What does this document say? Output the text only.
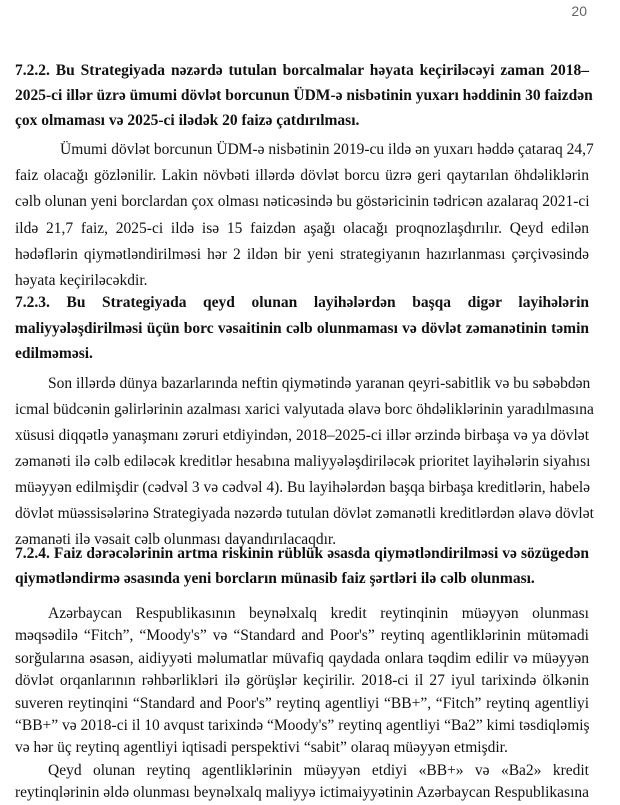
20
7.2.2. Bu Strategiyada nəzərdə tutulan borcalmalar həyata keçiriləcəyi zaman 2018–
2025-ci illər üzrə ümumi dövlət borcunun ÜDM-ə nisbətinin yuxarı həddinin 30 faizdən
çox olmaması və 2025-ci ilədək 20 faizə çatdırılması.
Ümumi dövlət borcunun ÜDM-ə nisbətinin 2019-cu ildə ən yuxarı həddə çataraq 24,7
faiz olacağı gözlənilir. Lakin növbəti illərdə dövlət borcu üzrə geri qaytarılan öhdəliklərin
cəlb olunan yeni borclardan çox olması nəticəsində bu göstəricinin tədricən azalaraq 2021-ci
ildə 21,7 faiz, 2025-ci ildə isə 15 faizdən aşağı olacağı proqnozlaşdırılır. Qeyd edilən
hədəflərin qiymətləndirilməsi hər 2 ildən bir yeni strategiyanın hazırlanması çərçivəsində
həyata keçiriləcəkdir.
7.2.3. Bu Strategiyada qeyd olunan layihələrdən başqa digər layihələrin
maliyyələşdirilməsi üçün borc vəsaitinin cəlb olunmaması və dövlət zəmanətinin təmin
edilməməsi.
Son illərdə dünya bazarlarında neftin qiymətində yaranan qeyri-sabitlik və bu səbəbdən
icmal büdcənin gəlirlərinin azalması xarici valyutada əlavə borc öhdəliklərinin yaradılmasına
xüsusi diqqətlə yanaşmanı zəruri etdiyindən, 2018–2025-ci illər ərzində birbaşa və ya dövlət
zəmanəti ilə cəlb ediləcək kreditlər hesabına maliyyələşdiriləcək prioritet layihələrin siyahısı
müəyyən edilmişdir (cədvəl 3 və cədvəl 4). Bu layihələrdən başqa birbaşa kreditlərin, habelə
dövlət müəssisələrinə Strategiyada nəzərdə tutulan dövlət zəmanətli kreditlərdən əlavə dövlət
zəmanəti ilə vəsait cəlb olunması dayandırılacaqdır.
7.2.4. Faiz dərəcələrinin artma riskinin rüblük əsasda qiymətləndirilməsi və sözügedən
qiymətləndirmə əsasında yeni borcların münasib faiz şərtləri ilə cəlb olunması.
Azərbaycan Respublikasının beynəlxalq kredit reytinqinin müəyyən olunması
məqsədilə “Fitch”, “Moody's” və “Standard and Poor's” reytinq agentliklərinin mütəmadi
sorğularına əsasən, aidiyyəti məlumatlar müvafiq qaydada onlara təqdim edilir və müəyyən
dövlət orqanlarının rəhbərlikləri ilə görüşlər keçirilir. 2018-ci il 27 iyul tarixində ölkənin
suveren reytinqini “Standard and Poor's” reytinq agentliyi “BB+”, “Fitch” reytinq agentliyi
“BB+” və 2018-ci il 10 avqust tarixində “Moody's” reytinq agentliyi “Ba2” kimi təsdiqləmiş
və hər üç reytinq agentliyi iqtisadi perspektivi “sabit” olaraq müəyyən etmişdir.
Qeyd olunan reytinq agentliklərinin müəyyən etdiyi «BB+» və «Ba2» kredit
reytinqlərinin əldə olunması beynəlxalq maliyyə ictimaiyyətinin Azərbaycan Respublikasına
